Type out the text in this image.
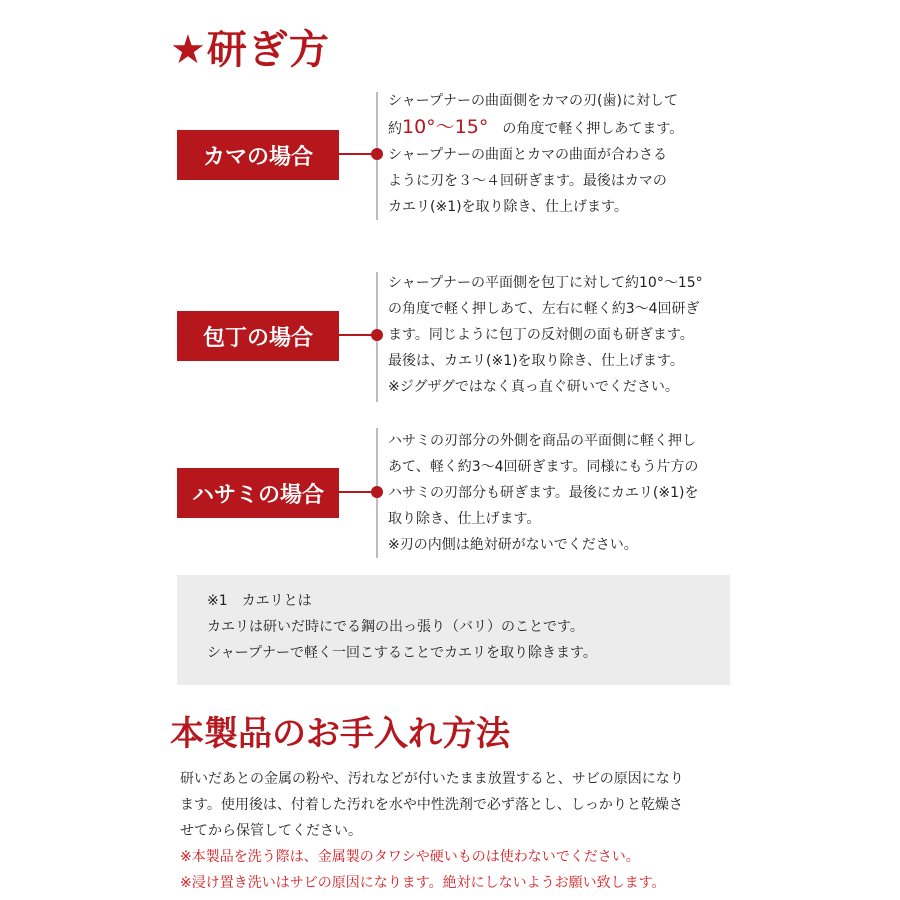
★研ぎ方
カマの場合
シャープナーの曲面側をカマの刃(歯)に対して
約10°〜15°　 の角度で軽く押しあてます。
シャープナーの曲面とカマの曲面が合わさる
ように刃を３〜４回研ぎます。最後はカマの
カエリ(※1)を取り除き、仕上げます。
包丁の場合
シャープナーの平面側を包丁に対して約10°〜15°
の角度で軽く押しあて、左右に軽く約3〜4回研ぎ
ます。同じように包丁の反対側の面も研ぎます。
最後は、カエリ(※1)を取り除き、仕上げます。
※ジグザグではなく真っ直ぐ研いでください。
ハサミの場合
ハサミの刃部分の外側を商品の平面側に軽く押し
あて、軽く約3〜4回研ぎます。同様にもう片方の
ハサミの刃部分も研ぎます。最後にカエリ(※1)を
取り除き、仕上げます。
※刃の内側は絶対研がないでください。
※1　カエリとは
カエリは研いだ時にでる鋼の出っ張り（バリ）のことです。
シャープナーで軽く一回こすることでカエリを取り除きます。
本製品のお手入れ方法
研いだあとの金属の粉や、汚れなどが付いたまま放置すると、サビの原因になり
ます。使用後は、付着した汚れを水や中性洗剤で必ず落とし、しっかりと乾燥さ
せてから保管してください。
※本製品を洗う際は、金属製のタワシや硬いものは使わないでください。
※浸け置き洗いはサビの原因になります。絶対にしないようお願い致します。
